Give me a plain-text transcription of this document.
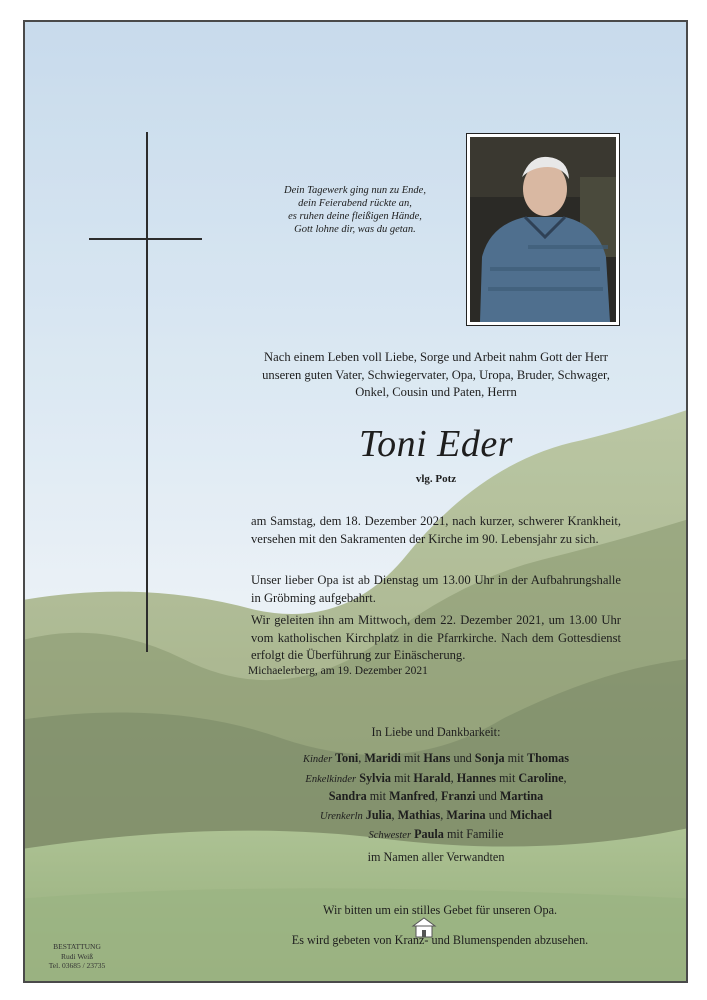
Dein Tagewerk ging nun zu Ende,
dein Feierabend rückte an,
es ruhen deine fleißigen Hände,
Gott lohne dir, was du getan.
Nach einem Leben voll Liebe, Sorge und Arbeit nahm Gott der Herr unseren guten Vater, Schwiegervater, Opa, Uropa, Bruder, Schwager, Onkel, Cousin und Paten, Herrn
Toni Eder
vlg. Potz
am Samstag, dem 18. Dezember 2021, nach kurzer, schwerer Krankheit, versehen mit den Sakramenten der Kirche im 90. Lebensjahr zu sich.
Unser lieber Opa ist ab Dienstag um 13.00 Uhr in der Aufbahrungshalle in Gröbming aufgebahrt.
Wir geleiten ihn am Mittwoch, dem 22. Dezember 2021, um 13.00 Uhr vom katholischen Kirchplatz in die Pfarrkirche. Nach dem Gottesdienst erfolgt die Überführung zur Einäscherung.
Michaelerberg, am 19. Dezember 2021
In Liebe und Dankbarkeit:
Kinder Toni, Maridi mit Hans und Sonja mit Thomas
Enkelkinder Sylvia mit Harald, Hannes mit Caroline,
Sandra mit Manfred, Franzi und Martina
Urenkerln Julia, Mathias, Marina und Michael
Schwester Paula mit Familie
im Namen aller Verwandten
Wir bitten um ein stilles Gebet für unseren Opa.
Es wird gebeten von Kranz- und Blumenspenden abzusehen.
BESTATTUNG
Rudi Weiß
Tel. 03685 / 23735
